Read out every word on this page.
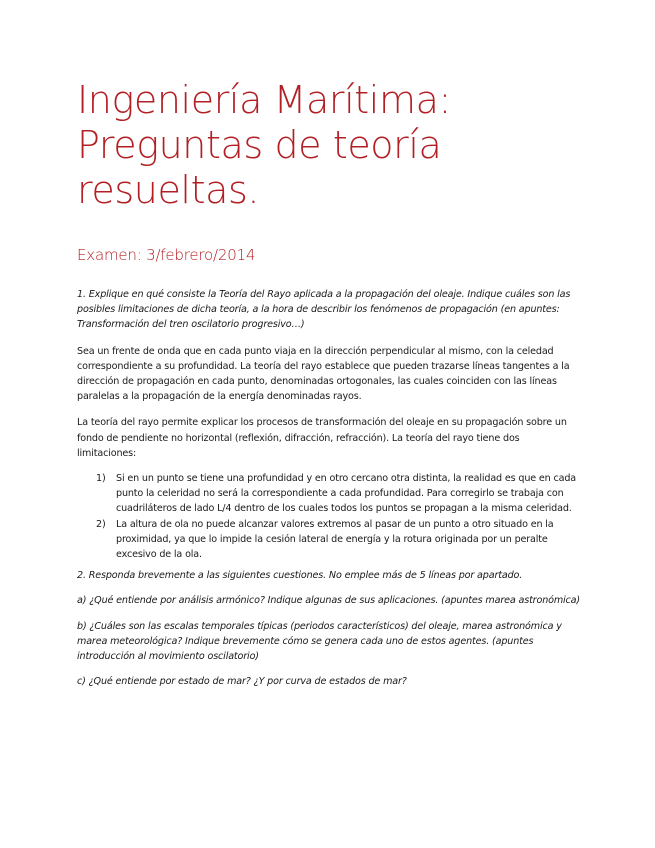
Ingeniería Marítima:
Preguntas de teoría
resueltas.
Examen: 3/febrero/2014

1. Explique en qué consiste la Teoría del Rayo aplicada a la propagación del oleaje. Indique cuáles son las posibles limitaciones de dicha teoría, a la hora de describir los fenómenos de propagación (en apuntes: Transformación del tren oscilatorio progresivo…)

Sea un frente de onda que en cada punto viaja en la dirección perpendicular al mismo, con la celedad correspondiente a su profundidad. La teoría del rayo establece que pueden trazarse líneas tangentes a la dirección de propagación en cada punto, denominadas ortogonales, las cuales coinciden con las líneas paralelas a la propagación de la energía denominadas rayos.

La teoría del rayo permite explicar los procesos de transformación del oleaje en su propagación sobre un fondo de pendiente no horizontal (reflexión, difracción, refracción). La teoría del rayo tiene dos limitaciones:

1) Si en un punto se tiene una profundidad y en otro cercano otra distinta, la realidad es que en cada punto la celeridad no será la correspondiente a cada profundidad. Para corregirlo se trabaja con cuadriláteros de lado L/4 dentro de los cuales todos los puntos se propagan a la misma celeridad.
2) La altura de ola no puede alcanzar valores extremos al pasar de un punto a otro situado en la proximidad, ya que lo impide la cesión lateral de energía y la rotura originada por un peralte excesivo de la ola.

2. Responda brevemente a las siguientes cuestiones. No emplee más de 5 líneas por apartado.

a) ¿Qué entiende por análisis armónico? Indique algunas de sus aplicaciones. (apuntes marea astronómica)

b) ¿Cuáles son las escalas temporales típicas (periodos característicos) del oleaje, marea astronómica y marea meteorológica? Indique brevemente cómo se genera cada uno de estos agentes. (apuntes introducción al movimiento oscilatorio)

c) ¿Qué entiende por estado de mar? ¿Y por curva de estados de mar?
